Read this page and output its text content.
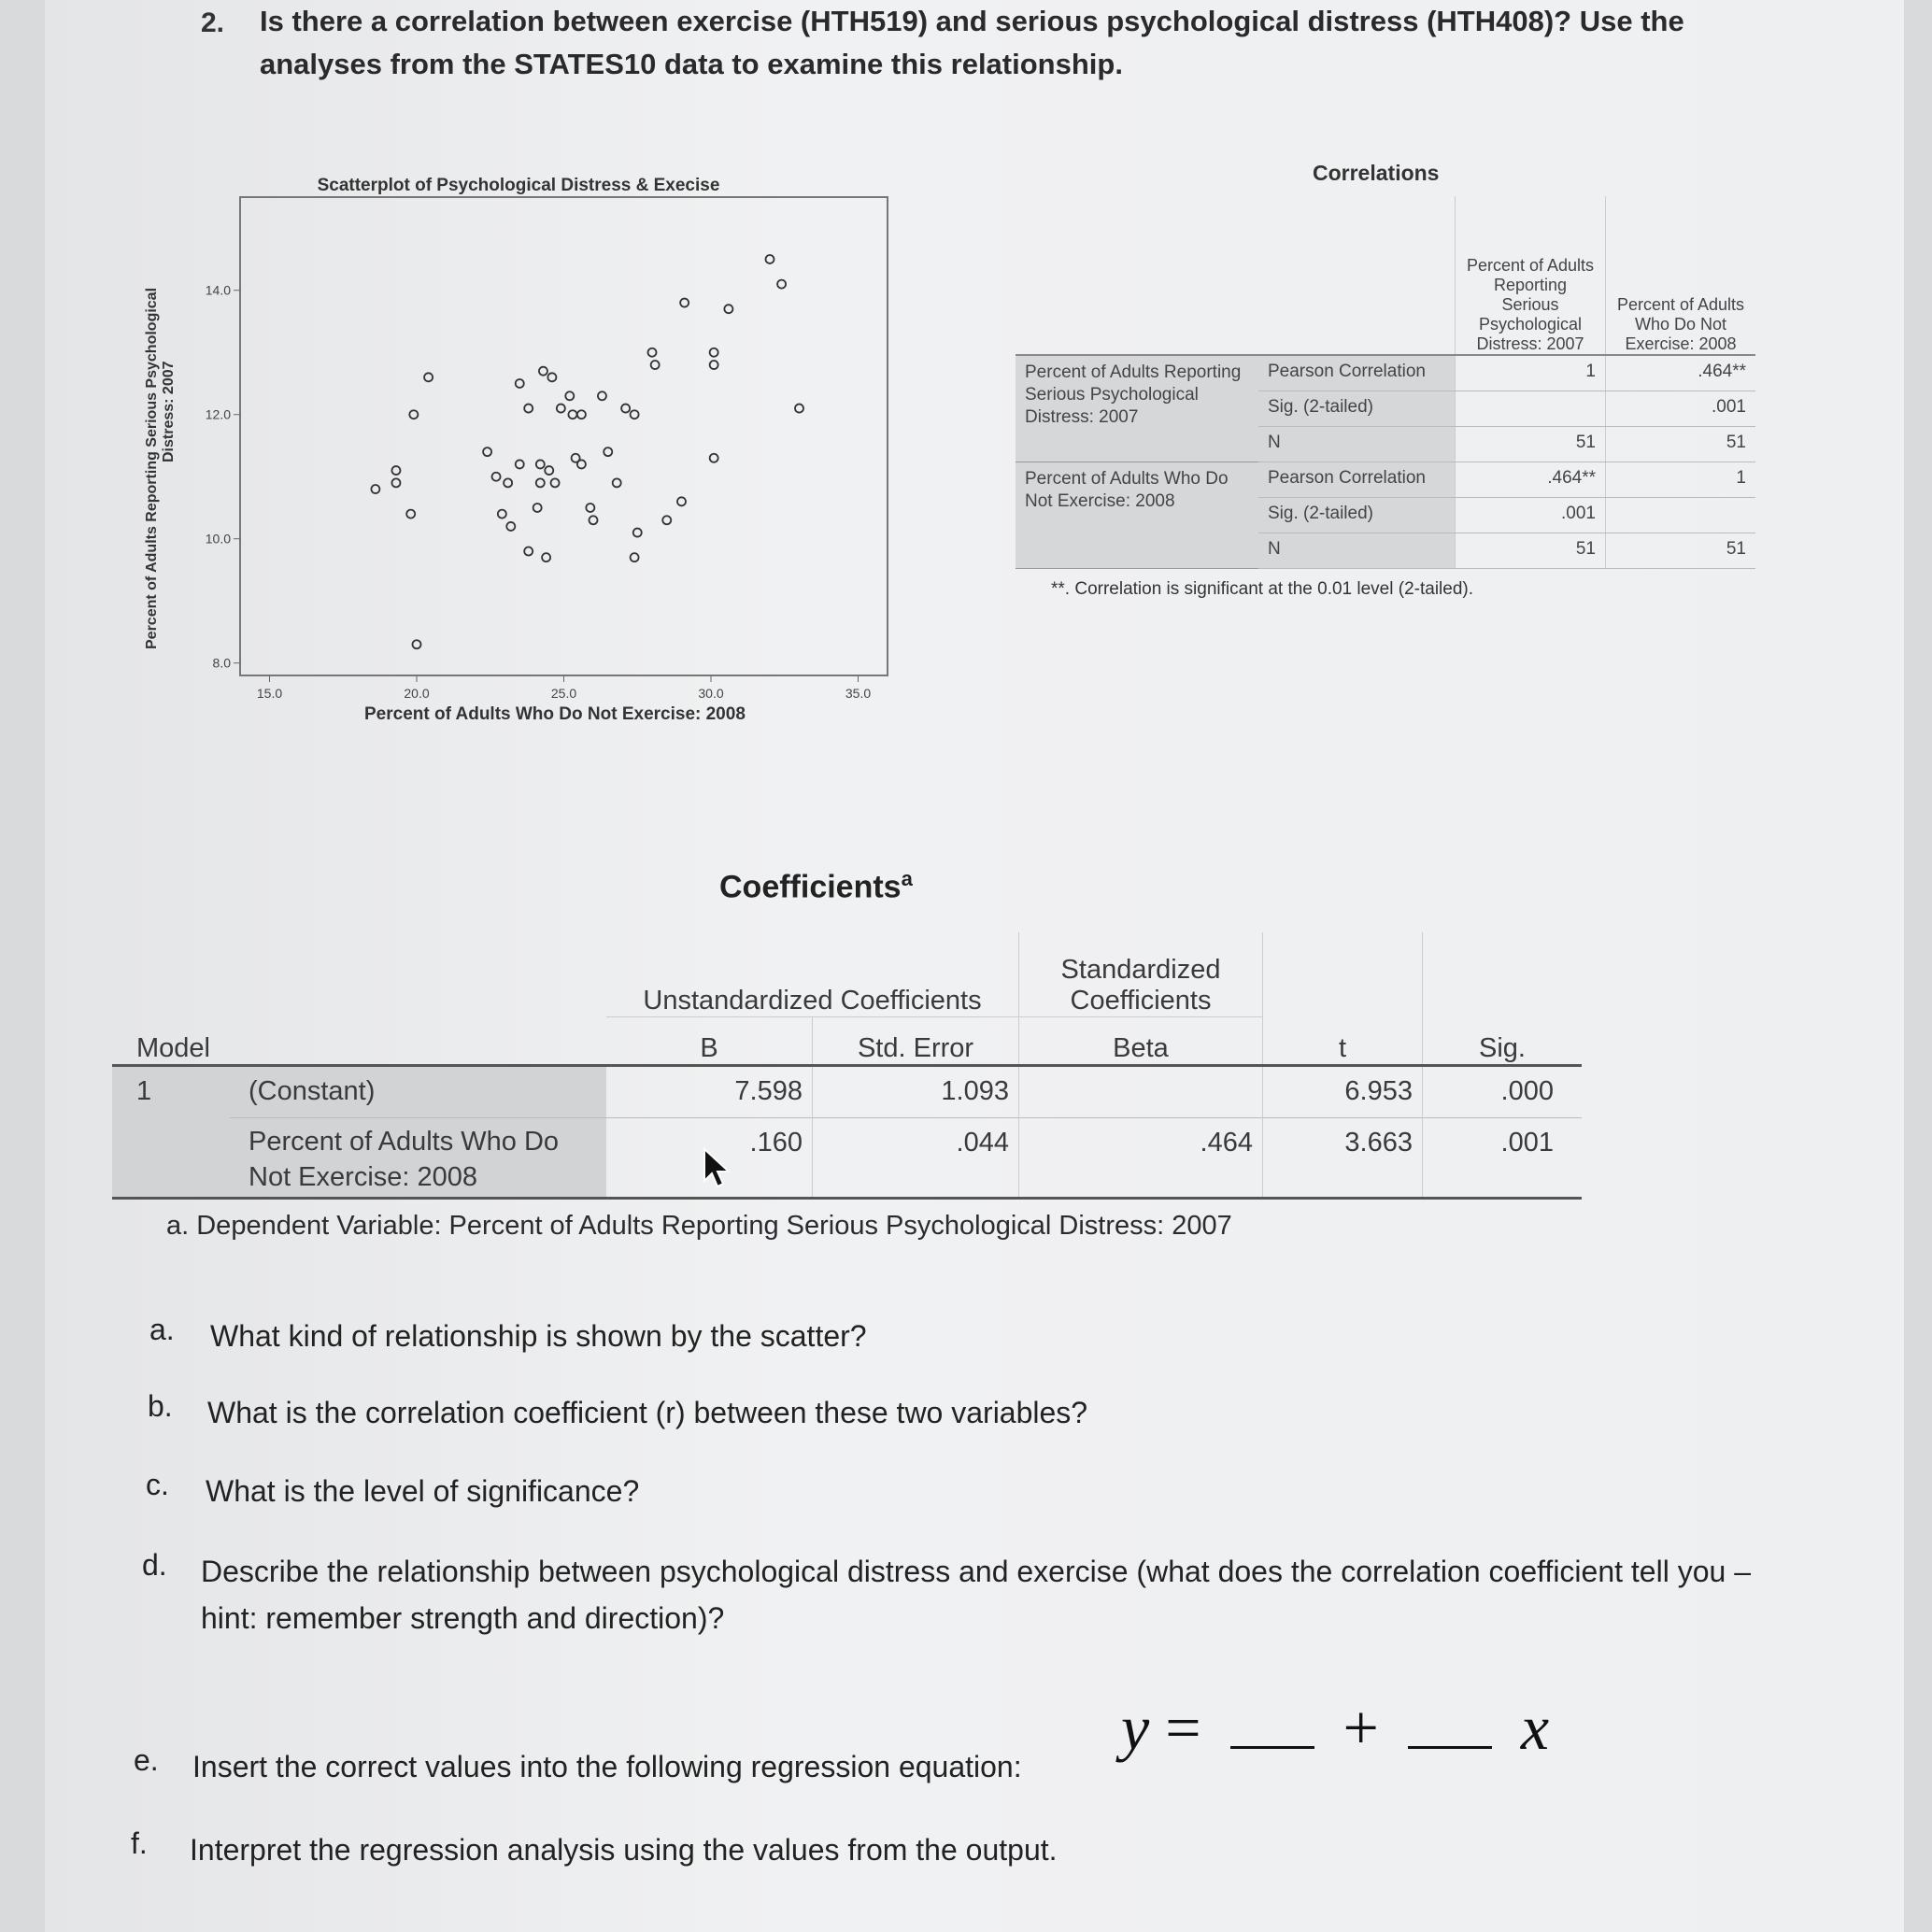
2. Is there a correlation between exercise (HTH519) and serious psychological distress (HTH408)? Use the analyses from the STATES10 data to examine this relationship.
Scatterplot of Psychological Distress & Execise
Percent of Adults Who Do Not Exercise: 2008
Percent of Adults Reporting Serious Psychological Distress: 2007
15.0	20.0	25.0	30.0	35.0
8.0
10.0
12.0
14.0
Correlations
		Percent of Adults Reporting Serious Psychological Distress: 2007	Percent of Adults Who Do Not Exercise: 2008
Percent of Adults Reporting Serious Psychological Distress: 2007	Pearson Correlation	1	.464**
	Sig. (2-tailed)		.001
	N	51	51
Percent of Adults Who Do Not Exercise: 2008	Pearson Correlation	.464**	1
	Sig. (2-tailed)	.001	
	N	51	51
**. Correlation is significant at the 0.01 level (2-tailed).
Coefficients$^a$
		Unstandardized Coefficients		Standardized Coefficients		
Model		B	Std. Error	Beta	t	Sig.
1	(Constant)	7.598	1.093		6.953	.000
	Percent of Adults Who Do Not Exercise: 2008	.160	.044	.464	3.663	.001
a. Dependent Variable: Percent of Adults Reporting Serious Psychological Distress: 2007
a. What kind of relationship is shown by the scatter?
b. What is the correlation coefficient (r) between these two variables?
c. What is the level of significance?
d. Describe the relationship between psychological distress and exercise (what does the correlation coefficient tell you – hint: remember strength and direction)?
e. Insert the correct values into the following regression equation:
y = + x
f. Interpret the regression analysis using the values from the output.
